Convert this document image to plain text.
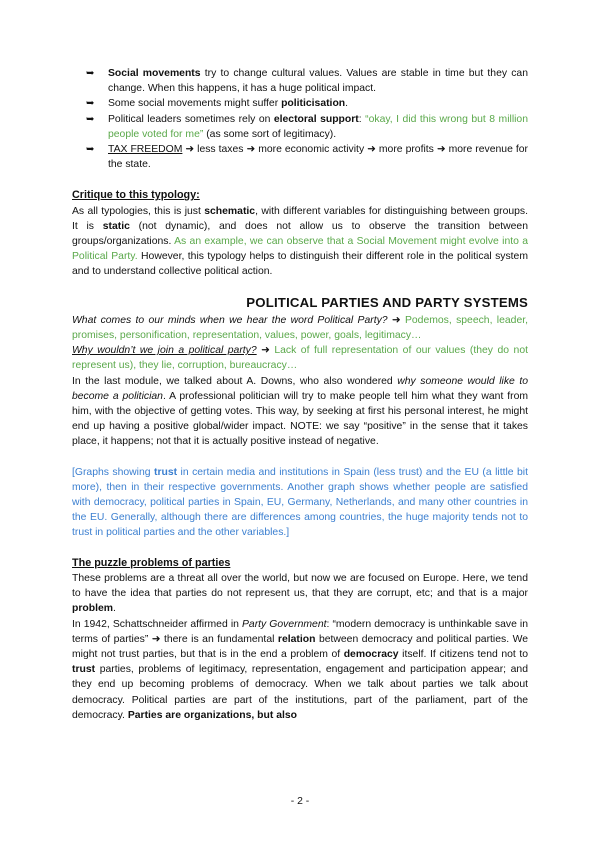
➥ Social movements try to change cultural values. Values are stable in time but they can change. When this happens, it has a huge political impact.

➥ Some social movements might suffer politicisation.

➥ Political leaders sometimes rely on electoral support: “okay, I did this wrong but 8 million people voted for me” (as some sort of legitimacy).

➥ TAX FREEDOM ➜ less taxes ➜ more economic activity ➜ more profits ➜ more revenue for the state.

Critique to this typology:

As all typologies, this is just schematic, with different variables for distinguishing between groups. It is static (not dynamic), and does not allow us to observe the transition between groups/organizations. As an example, we can observe that a Social Movement might evolve into a Political Party. However, this typology helps to distinguish their different role in the political system and to understand collective political action.

POLITICAL PARTIES AND PARTY SYSTEMS

What comes to our minds when we hear the word Political Party? ➜ Podemos, speech, leader, promises, personification, representation, values, power, goals, legitimacy…

Why wouldn’t we join a political party? ➜ Lack of full representation of our values (they do not represent us), they lie, corruption, bureaucracy…

In the last module, we talked about A. Downs, who also wondered why someone would like to become a politician. A professional politician will try to make people tell him what they want from him, with the objective of getting votes. This way, by seeking at first his personal interest, he might end up having a positive global/wider impact. NOTE: we say “positive” in the sense that it takes place, it happens; not that it is actually positive instead of negative.

[Graphs showing trust in certain media and institutions in Spain (less trust) and the EU (a little bit more), then in their respective governments. Another graph shows whether people are satisfied with democracy, political parties in Spain, EU, Germany, Netherlands, and many other countries in the EU. Generally, although there are differences among countries, the huge majority tends not to trust in political parties and the other variables.]

The puzzle problems of parties

These problems are a threat all over the world, but now we are focused on Europe. Here, we tend to have the idea that parties do not represent us, that they are corrupt, etc; and that is a major problem.

In 1942, Schattschneider affirmed in Party Government: “modern democracy is unthinkable save in terms of parties” ➜ there is an fundamental relation between democracy and political parties. We might not trust parties, but that is in the end a problem of democracy itself. If citizens tend not to trust parties, problems of legitimacy, representation, engagement and participation appear; and they end up becoming problems of democracy. When we talk about parties we talk about democracy. Political parties are part of the institutions, part of the parliament, part of the democracy. Parties are organizations, but also

- 2 -
